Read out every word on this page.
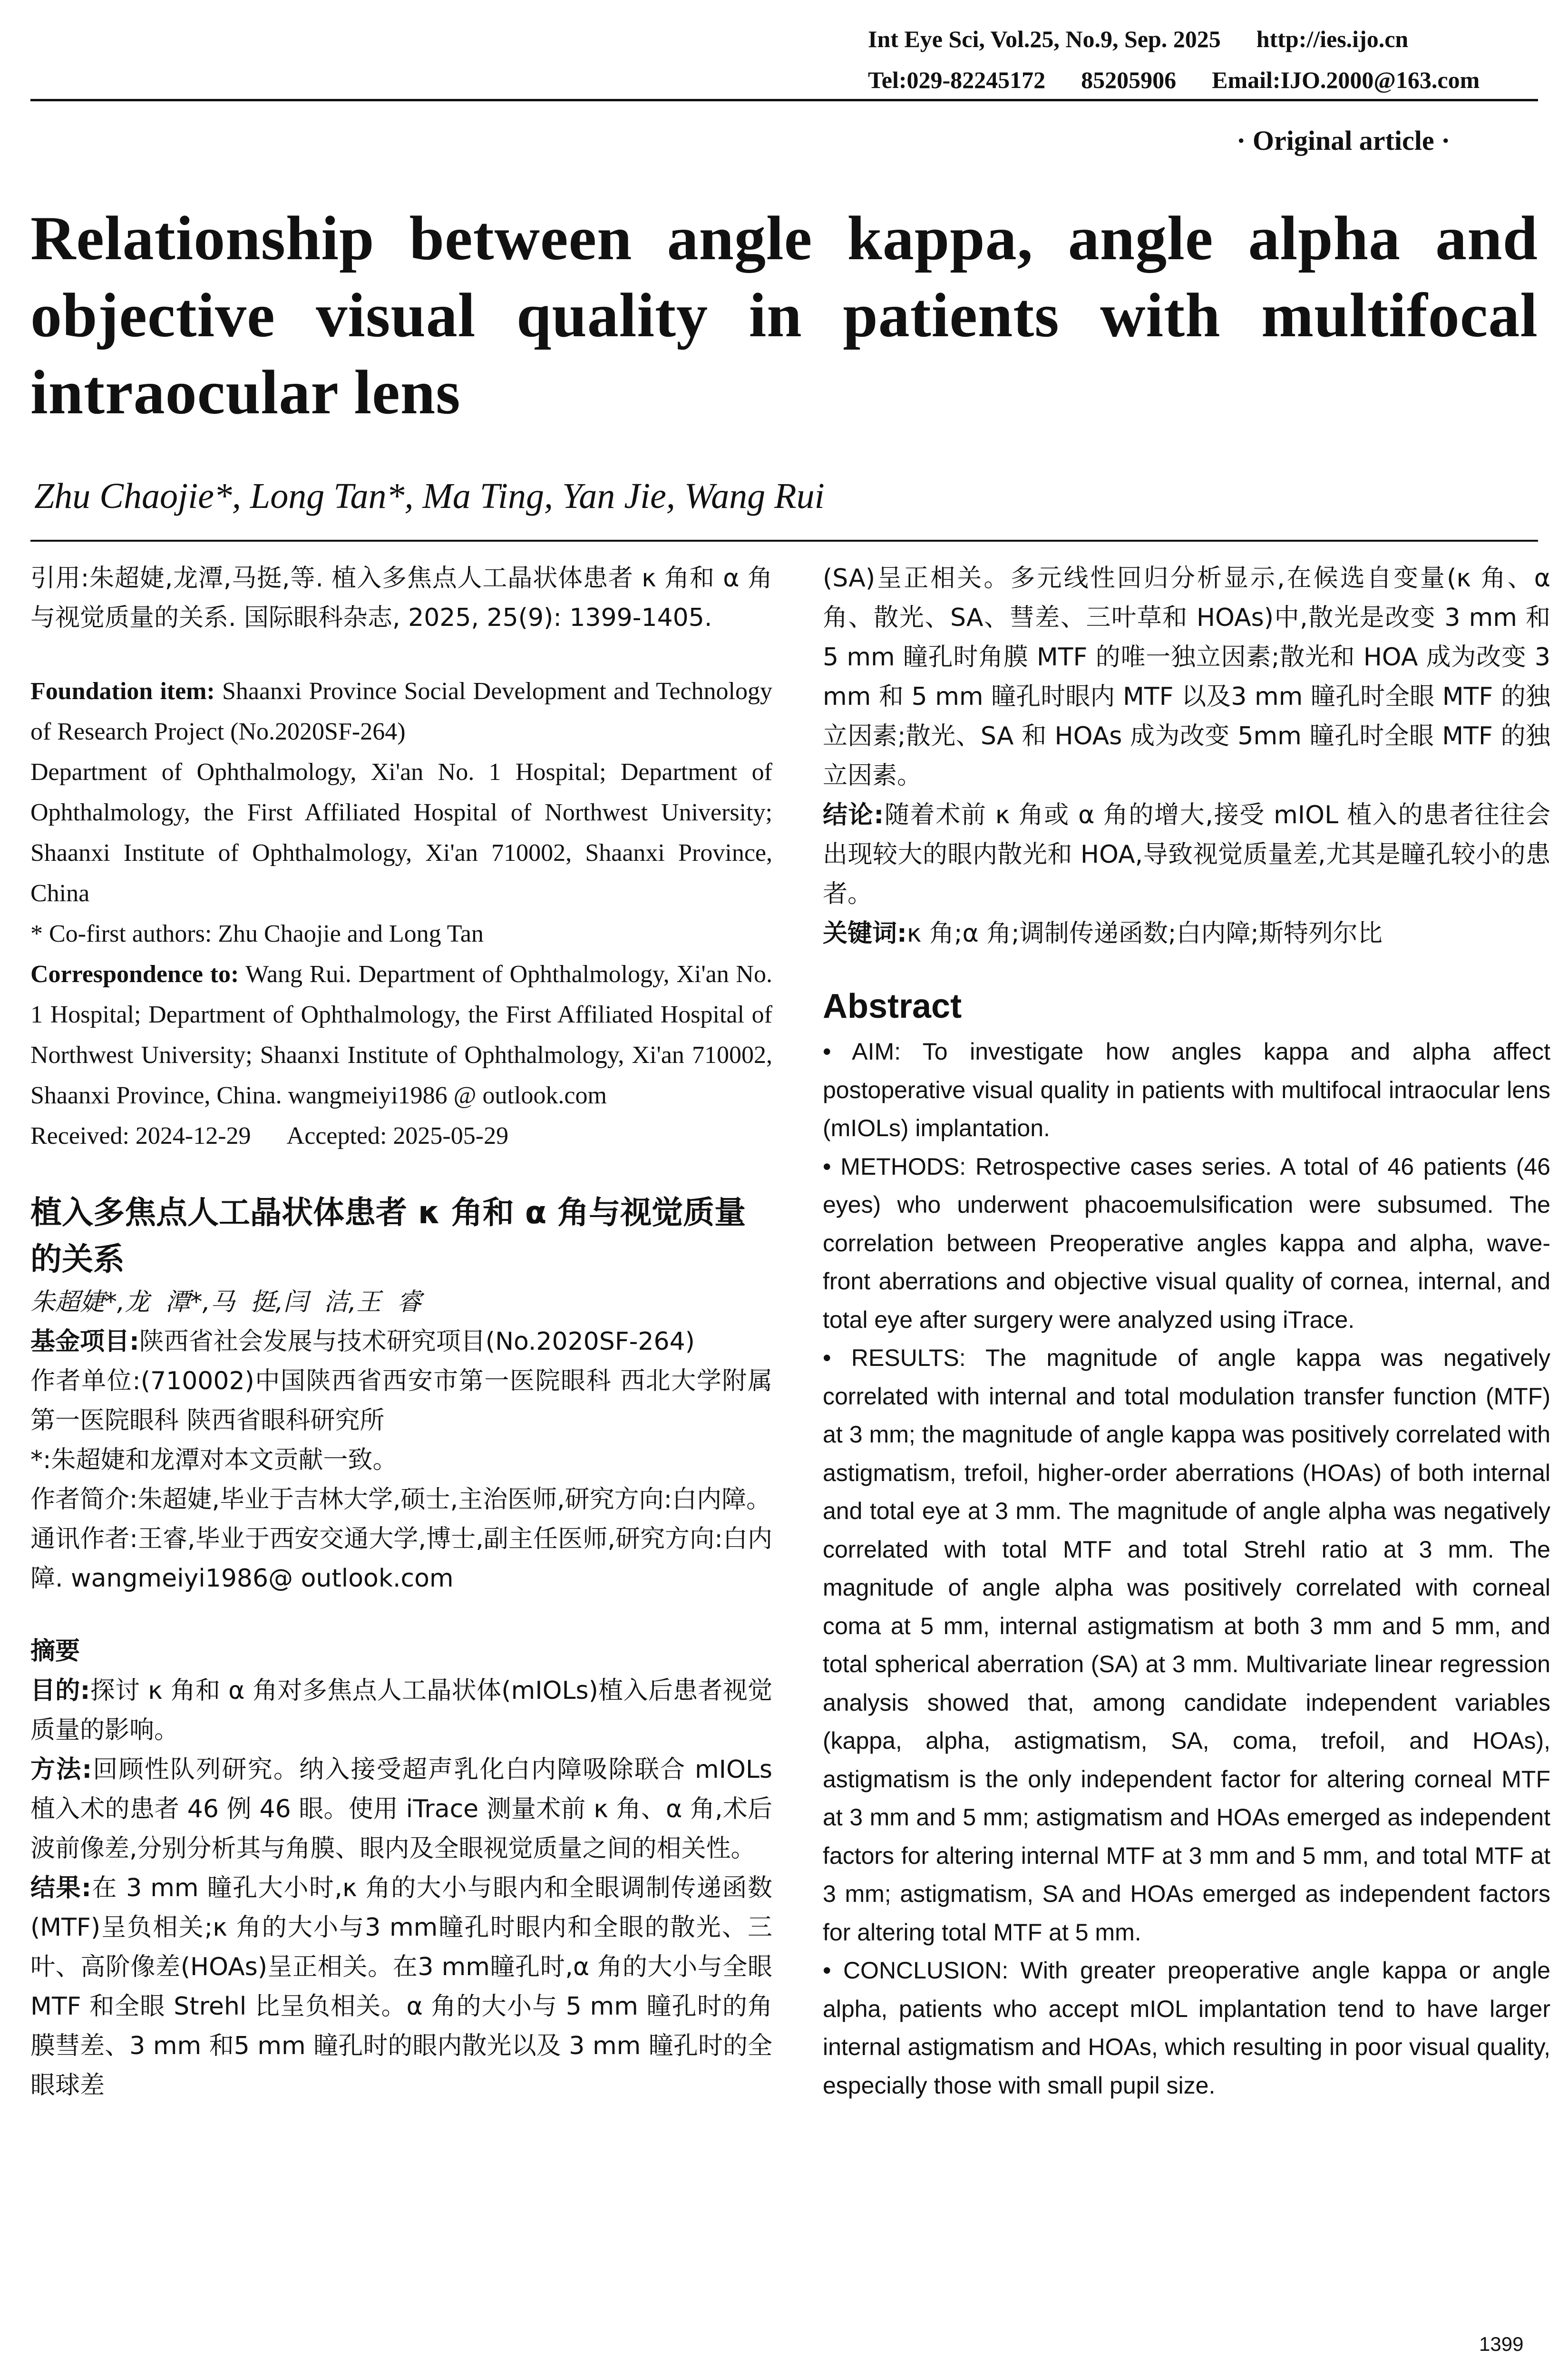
Int Eye Sci, Vol.25, No.9, Sep. 2025      http://ies.ijo.cn
Tel:029-82245172      85205906      Email:IJO.2000@163.com
· Original article ·
Relationship between angle kappa, angle alpha and objective visual quality in patients with multifocal intraocular lens
Zhu Chaojie*, Long Tan*, Ma Ting, Yan Jie, Wang Rui
引用:朱超婕,龙潭,马挺,等. 植入多焦点人工晶状体患者 κ 角和 α 角与视觉质量的关系. 国际眼科杂志, 2025, 25(9): 1399-1405.
Foundation item: Shaanxi Province Social Development and Technology of Research Project (No.2020SF-264)
Department of Ophthalmology, Xi'an No. 1 Hospital; Department of Ophthalmology, the First Affiliated Hospital of Northwest University; Shaanxi Institute of Ophthalmology, Xi'an 710002, Shaanxi Province, China
* Co-first authors: Zhu Chaojie and Long Tan
Correspondence to: Wang Rui. Department of Ophthalmology, Xi'an No. 1 Hospital; Department of Ophthalmology, the First Affiliated Hospital of Northwest University; Shaanxi Institute of Ophthalmology, Xi'an 710002, Shaanxi Province, China. wangmeiyi1986 @ outlook.com
Received: 2024-12-29      Accepted: 2025-05-29
植入多焦点人工晶状体患者 κ 角和 α 角与视觉质量的关系
朱超婕*,龙  潭*,马  挺,闫  洁,王  睿
基金项目:陕西省社会发展与技术研究项目(No.2020SF-264)
作者单位:(710002)中国陕西省西安市第一医院眼科 西北大学附属第一医院眼科 陕西省眼科研究所
*:朱超婕和龙潭对本文贡献一致。
作者简介:朱超婕,毕业于吉林大学,硕士,主治医师,研究方向:白内障。
通讯作者:王睿,毕业于西安交通大学,博士,副主任医师,研究方向:白内障. wangmeiyi1986@ outlook.com
摘要
目的:探讨 κ 角和 α 角对多焦点人工晶状体(mIOLs)植入后患者视觉质量的影响。
方法:回顾性队列研究。纳入接受超声乳化白内障吸除联合 mIOLs 植入术的患者 46 例 46 眼。使用 iTrace 测量术前 κ 角、α 角,术后波前像差,分别分析其与角膜、眼内及全眼视觉质量之间的相关性。
结果:在 3 mm 瞳孔大小时,κ 角的大小与眼内和全眼调制传递函数(MTF)呈负相关;κ 角的大小与3 mm瞳孔时眼内和全眼的散光、三叶、高阶像差(HOAs)呈正相关。在3 mm瞳孔时,α 角的大小与全眼 MTF 和全眼 Strehl 比呈负相关。α 角的大小与 5 mm 瞳孔时的角膜彗差、3 mm 和5 mm 瞳孔时的眼内散光以及 3 mm 瞳孔时的全眼球差
(SA)呈正相关。多元线性回归分析显示,在候选自变量(κ 角、α 角、散光、SA、彗差、三叶草和 HOAs)中,散光是改变 3 mm 和 5 mm 瞳孔时角膜 MTF 的唯一独立因素;散光和 HOA 成为改变 3 mm 和 5 mm 瞳孔时眼内 MTF 以及3 mm 瞳孔时全眼 MTF 的独立因素;散光、SA 和 HOAs 成为改变 5mm 瞳孔时全眼 MTF 的独立因素。
结论:随着术前 κ 角或 α 角的增大,接受 mIOL 植入的患者往往会出现较大的眼内散光和 HOA,导致视觉质量差,尤其是瞳孔较小的患者。
关键词:κ 角;α 角;调制传递函数;白内障;斯特列尔比
Abstract
• AIM: To investigate how angles kappa and alpha affect postoperative visual quality in patients with multifocal intraocular lens (mIOLs) implantation.
• METHODS: Retrospective cases series. A total of 46 patients (46 eyes) who underwent phacoemulsification were subsumed. The correlation between Preoperative angles kappa and alpha, wave-front aberrations and objective visual quality of cornea, internal, and total eye after surgery were analyzed using iTrace.
• RESULTS: The magnitude of angle kappa was negatively correlated with internal and total modulation transfer function (MTF) at 3 mm; the magnitude of angle kappa was positively correlated with astigmatism, trefoil, higher-order aberrations (HOAs) of both internal and total eye at 3 mm. The magnitude of angle alpha was negatively correlated with total MTF and total Strehl ratio at 3 mm. The magnitude of angle alpha was positively correlated with corneal coma at 5 mm, internal astigmatism at both 3 mm and 5 mm, and total spherical aberration (SA) at 3 mm. Multivariate linear regression analysis showed that, among candidate independent variables (kappa, alpha, astigmatism, SA, coma, trefoil, and HOAs), astigmatism is the only independent factor for altering corneal MTF at 3 mm and 5 mm; astigmatism and HOAs emerged as independent factors for altering internal MTF at 3 mm and 5 mm, and total MTF at 3 mm; astigmatism, SA and HOAs emerged as independent factors for altering total MTF at 5 mm.
• CONCLUSION: With greater preoperative angle kappa or angle alpha, patients who accept mIOL implantation tend to have larger internal astigmatism and HOAs, which resulting in poor visual quality, especially those with small pupil size.
1399
